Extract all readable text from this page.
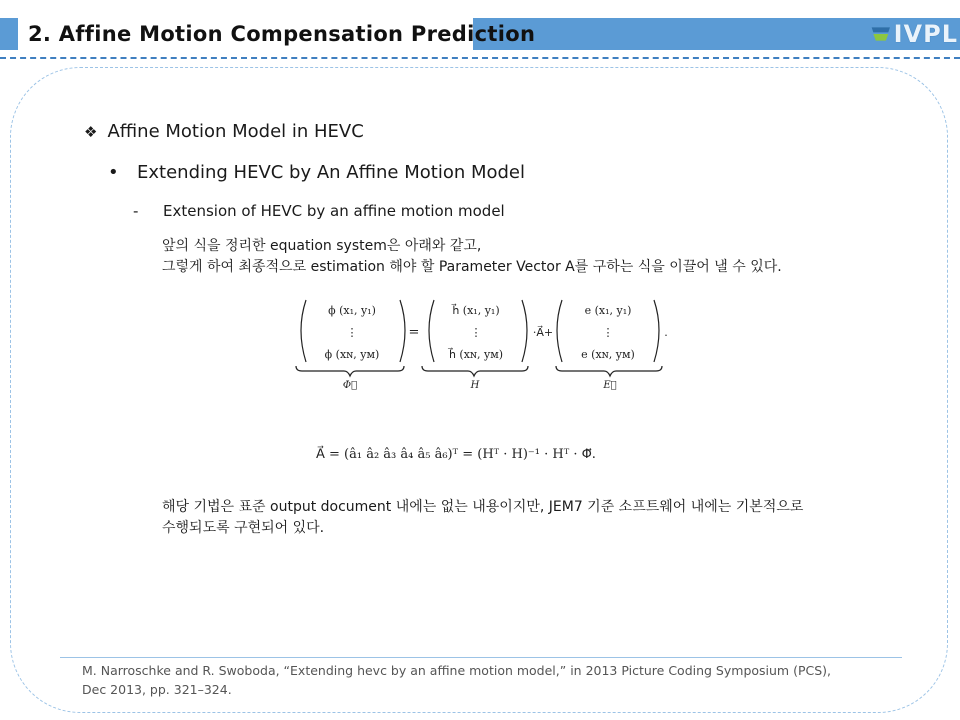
2. Affine Motion Compensation Prediction	IVPL
❖ Affine Motion Model in HEVC
• Extending HEVC by An Affine Motion Model
- Extension of HEVC by an affine motion model
앞의 식을 정리한 equation system은 아래와 같고,
그렇게 하여 최종적으로 estimation 해야 할 Parameter Vector A를 구하는 식을 이끌어 낼 수 있다.
ϕ (x₁, y₁)
⋮
ϕ (xɴ, yᴍ)
=
h⃗ (x₁, y₁)
⋮
h⃗ (xɴ, yᴍ)
·A⃗+
e (x₁, y₁)
⋮
e (xɴ, yᴍ)
.
Φ⃗	H	E⃗
A⃗ = (â₁ â₂ â₃ â₄ â₅ â₆)ᵀ = (Hᵀ · H)⁻¹ · Hᵀ · Φ⃗.
해당 기법은 표준 output document 내에는 없는 내용이지만, JEM7 기준 소프트웨어 내에는 기본적으로
수행되도록 구현되어 있다.
M. Narroschke and R. Swoboda, “Extending hevc by an affine motion model,” in 2013 Picture Coding Symposium (PCS),
Dec 2013, pp. 321–324.
